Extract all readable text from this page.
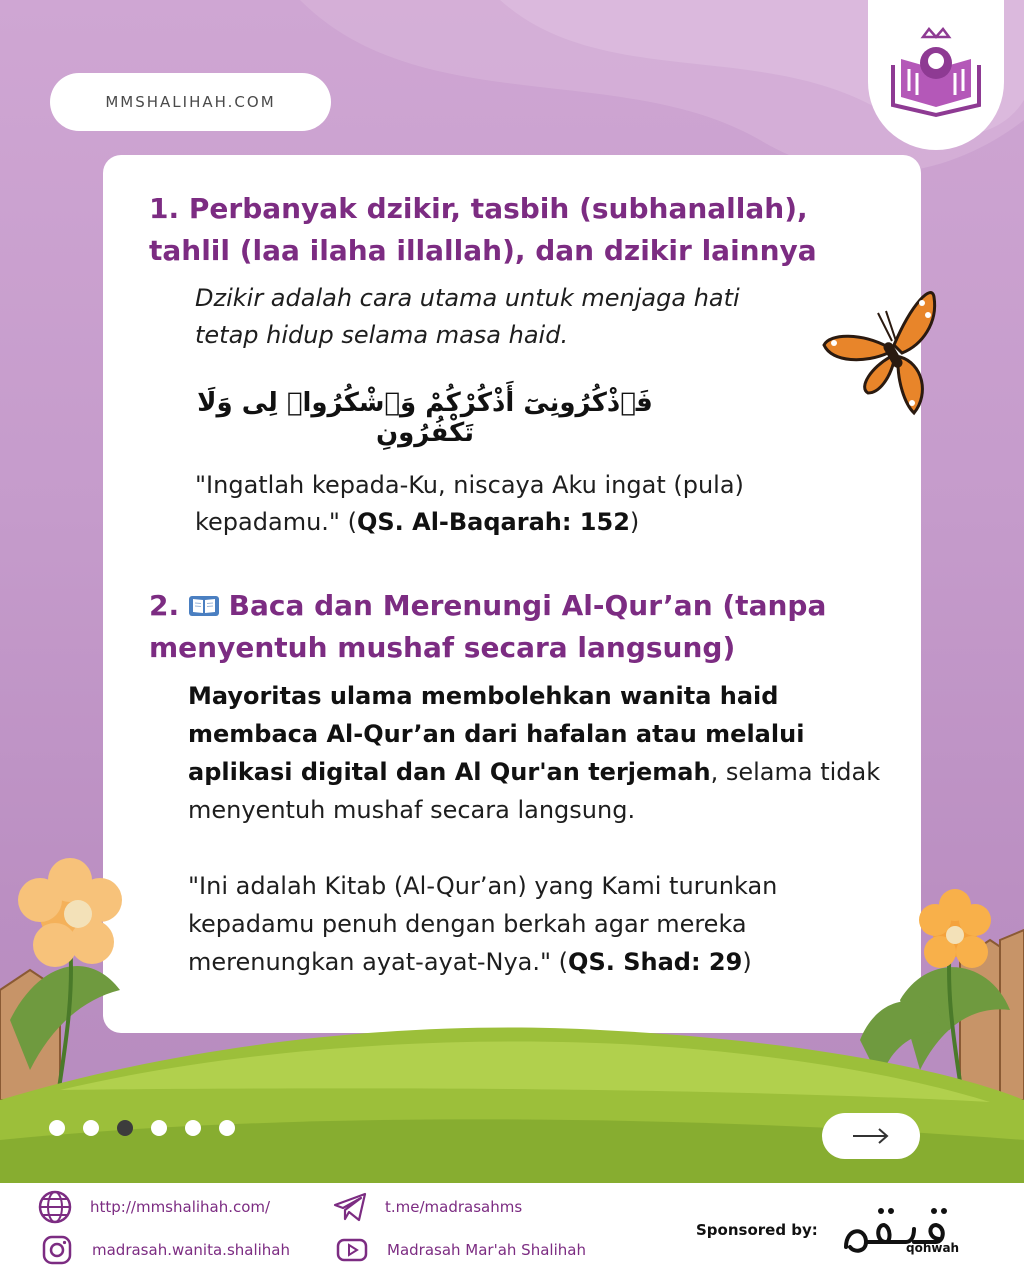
MMSHALIHAH.COM
1. Perbanyak dzikir, tasbih (subhanallah), tahlil (laa ilaha illallah), dan dzikir lainnya
Dzikir adalah cara utama untuk menjaga hati tetap hidup selama masa haid.
فَٱذْكُرُونِىٓ أَذْكُرْكُمْ وَٱشْكُرُوا۟ لِى وَلَا تَكْفُرُونِ
"Ingatlah kepada-Ku, niscaya Aku ingat (pula) kepadamu." (QS. Al-Baqarah: 152)
2. Baca dan Merenungi Al-Qur’an (tanpa menyentuh mushaf secara langsung)
Mayoritas ulama membolehkan wanita haid membaca Al-Qur’an dari hafalan atau melalui aplikasi digital dan Al Qur'an terjemah, selama tidak menyentuh mushaf secara langsung.
"Ini adalah Kitab (Al-Qur’an) yang Kami turunkan kepadamu penuh dengan berkah agar mereka merenungkan ayat-ayat-Nya." (QS. Shad: 29)
http://mmshalihah.com/
madrasah.wanita.shalihah
t.me/madrasahms
Madrasah Mar'ah Shalihah
Sponsored by:
qohwah
